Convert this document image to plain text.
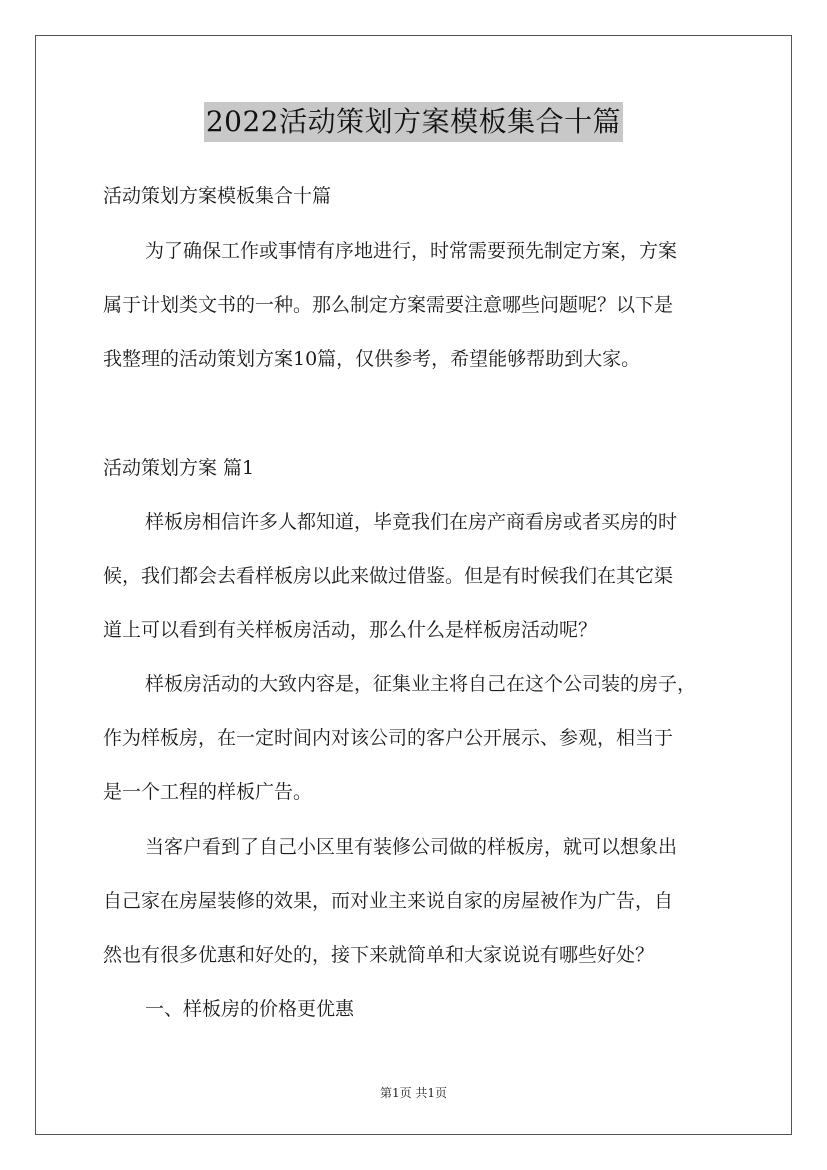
2022活动策划方案模板集合十篇
活动策划方案模板集合十篇
为了确保工作或事情有序地进行，时常需要预先制定方案，方案
属于计划类文书的一种。那么制定方案需要注意哪些问题呢？以下是
我整理的活动策划方案10篇，仅供参考，希望能够帮助到大家。
活动策划方案 篇1
样板房相信许多人都知道，毕竟我们在房产商看房或者买房的时
候，我们都会去看样板房以此来做过借鉴。但是有时候我们在其它渠
道上可以看到有关样板房活动，那么什么是样板房活动呢？
样板房活动的大致内容是，征集业主将自己在这个公司装的房子，
作为样板房，在一定时间内对该公司的客户公开展示、参观，相当于
是一个工程的样板广告。
当客户看到了自己小区里有装修公司做的样板房，就可以想象出
自己家在房屋装修的效果，而对业主来说自家的房屋被作为广告，自
然也有很多优惠和好处的，接下来就简单和大家说说有哪些好处？
一、样板房的价格更优惠
第1页 共1页
